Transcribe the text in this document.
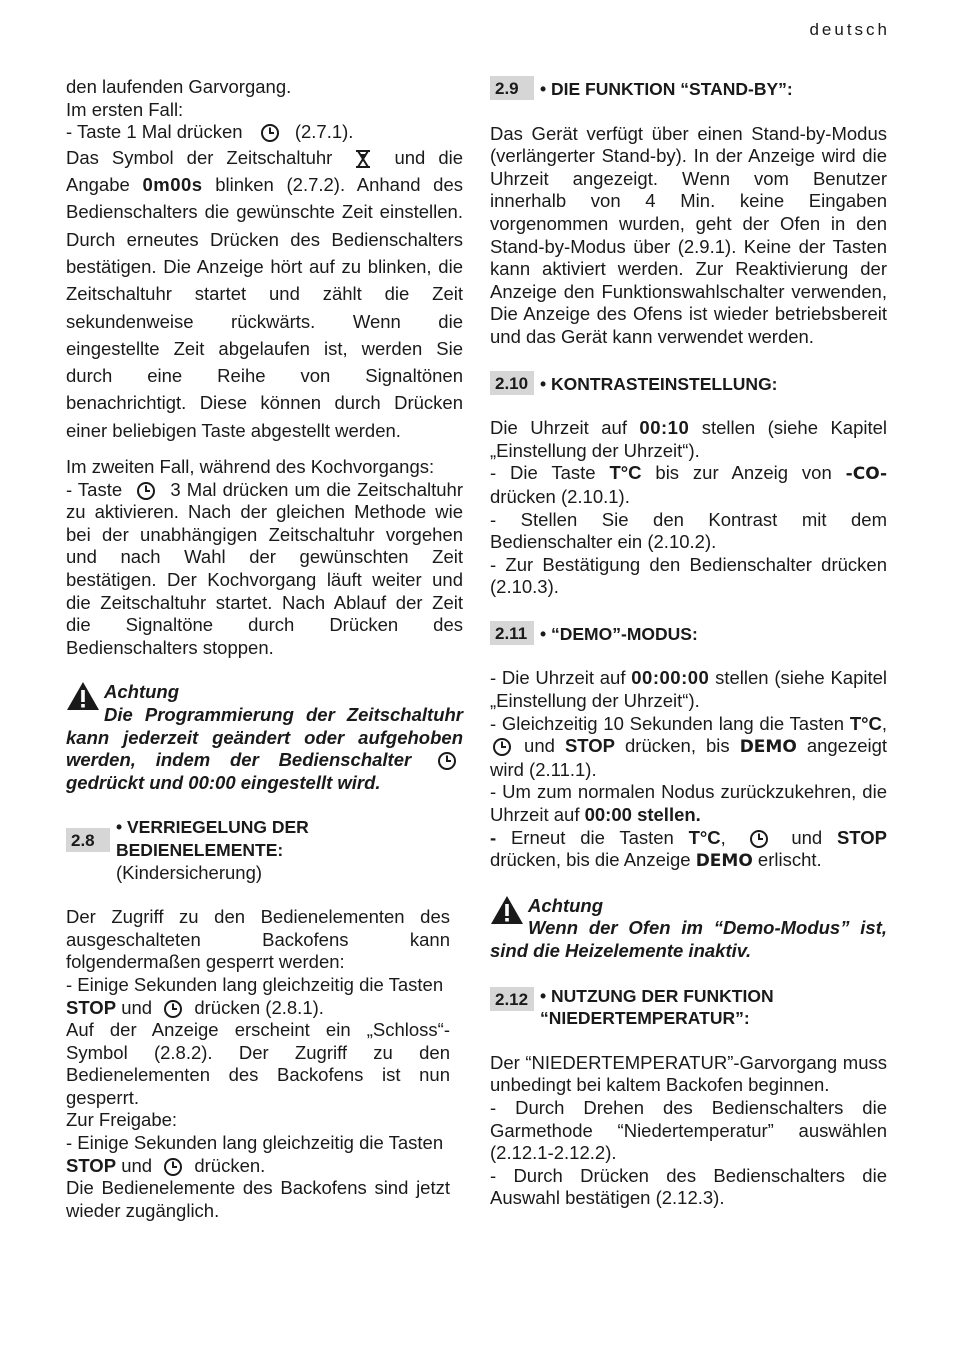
deutsch

den laufenden Garvorgang.

Im ersten Fall:

- Taste 1 Mal drücken	(2.7.1).

Das Symbol der Zeitschaltuhr	und die Angabe 0m00s blinken (2.7.2). Anhand des Bedienschalters die gewünschte Zeit einstellen. Durch erneutes Drücken des Bedienschalters bestätigen. Die Anzeige hört auf zu blinken, die Zeitschaltuhr startet und zählt die Zeit sekundenweise rückwärts. Wenn die eingestellte Zeit abgelaufen ist, werden Sie durch eine Reihe von Signaltönen benachrichtigt. Diese können durch Drücken einer beliebigen Taste abgestellt werden.

Im zweiten Fall, während des Kochvorgangs:

- Taste	3 Mal drücken um die Zeitschaltuhr zu aktivieren. Nach der gleichen Methode wie bei der unabhängigen Zeitschaltuhr vorgehen und nach Wahl der gewünschten Zeit bestätigen. Der Kochvorgang läuft weiter und die Zeitschaltuhr startet. Nach Ablauf der Zeit die Signaltöne durch Drücken des Bedienschalters stoppen.

Achtung
Die Programmierung der Zeitschaltuhr kann jederzeit geändert oder aufgehoben werden, indem der Bedienschalter
gedrückt und 00:00 eingestellt wird.
2.8
• VERRIEGELUNG DER BEDIENELEMENTE:
(Kindersicherung)

Der Zugriff zu den Bedienelementen des ausgeschalteten Backofens kann folgendermaßen gesperrt werden:

- Einige Sekunden lang gleichzeitig die Tasten STOP und drücken (2.8.1).

Auf der Anzeige erscheint ein „Schloss“-Symbol (2.8.2). Der Zugriff zu den Bedienelementen des Backofens ist nun gesperrt.

Zur Freigabe:

- Einige Sekunden lang gleichzeitig die Tasten STOP und drücken.

Die Bedienelemente des Backofens sind jetzt wieder zugänglich.

2.9	• DIE FUNKTION “STAND-BY”:

Das Gerät verfügt über einen Stand-by-Modus (verlängerter Stand-by). In der Anzeige wird die Uhrzeit angezeigt. Wenn vom Benutzer innerhalb von 4 Min. keine Eingaben vorgenommen wurden, geht der Ofen in den Stand-by-Modus über (2.9.1). Keine der Tasten kann aktiviert werden. Zur Reaktivierung der Anzeige den Funktionswahlschalter verwenden, Die Anzeige des Ofens ist wieder betriebsbereit und das Gerät kann verwendet werden.

2.10 • KONTRASTEINSTELLUNG:

Die Uhrzeit auf 00:10 stellen (siehe Kapitel „Einstellung der Uhrzeit“).

- Die Taste T°C bis zur Anzeig von -CO- drücken (2.10.1).

- Stellen Sie den Kontrast mit dem Bedienschalter ein (2.10.2).

- Zur Bestätigung den Bedienschalter drücken (2.10.3).

2.11 • “DEMO”-MODUS:

- Die Uhrzeit auf 00:00:00 stellen (siehe Kapitel „Einstellung der Uhrzeit“).

- Gleichzeitig 10 Sekunden lang die Tasten T°C,
und STOP drücken, bis DEMO angezeigt wird (2.11.1).

- Um zum normalen Nodus zurückzukehren, die Uhrzeit auf 00:00 stellen.

- Erneut die Tasten T°C,	und STOP drücken, bis die Anzeige DEMO erlischt.

Achtung
Wenn der Ofen im “Demo-Modus” ist, sind die Heizelemente inaktiv.
2.12 • NUTZUNG DER FUNKTION
“NIEDERTEMPERATUR”:

Der “NIEDERTEMPERATUR”-Garvorgang muss unbedingt bei kaltem Backofen beginnen.

- Durch Drehen des Bedienschalters die Garmethode “Niedertemperatur” auswählen (2.12.1-2.12.2).

- Durch Drücken des Bedienschalters die Auswahl bestätigen (2.12.3).
